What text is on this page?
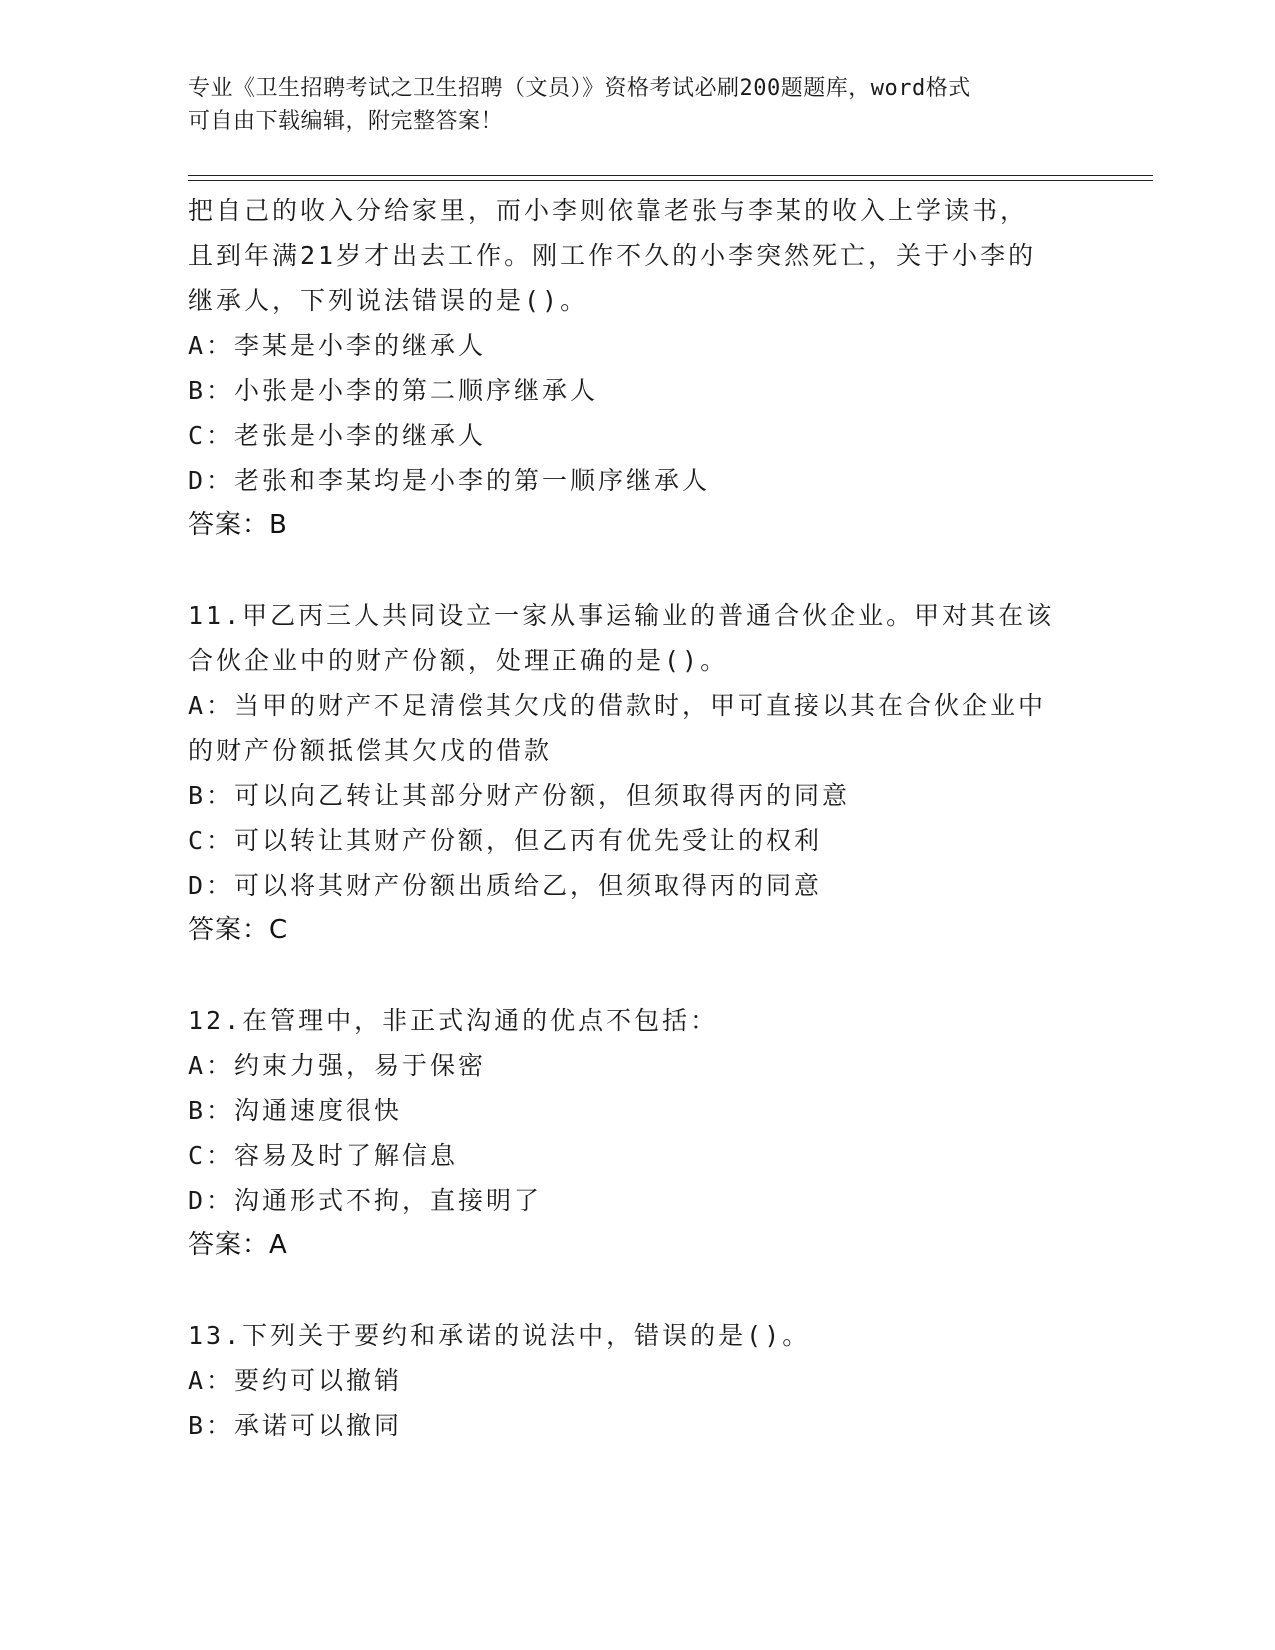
专业《卫生招聘考试之卫生招聘（文员）》资格考试必刷200题题库，word格式
可自由下载编辑，附完整答案！
把自己的收入分给家里，而小李则依靠老张与李某的收入上学读书，
且到年满21岁才出去工作。刚工作不久的小李突然死亡，关于小李的
继承人，下列说法错误的是()。
A：李某是小李的继承人
B：小张是小李的第二顺序继承人
C：老张是小李的继承人
D：老张和李某均是小李的第一顺序继承人
答案：B
11.甲乙丙三人共同设立一家从事运输业的普通合伙企业。甲对其在该
合伙企业中的财产份额，处理正确的是()。
A：当甲的财产不足清偿其欠戊的借款时，甲可直接以其在合伙企业中
的财产份额抵偿其欠戊的借款
B：可以向乙转让其部分财产份额，但须取得丙的同意
C：可以转让其财产份额，但乙丙有优先受让的权利
D：可以将其财产份额出质给乙，但须取得丙的同意
答案：C
12.在管理中，非正式沟通的优点不包括：
A：约束力强，易于保密
B：沟通速度很快
C：容易及时了解信息
D：沟通形式不拘，直接明了
答案：A
13.下列关于要约和承诺的说法中，错误的是()。
A：要约可以撤销
B：承诺可以撤同
